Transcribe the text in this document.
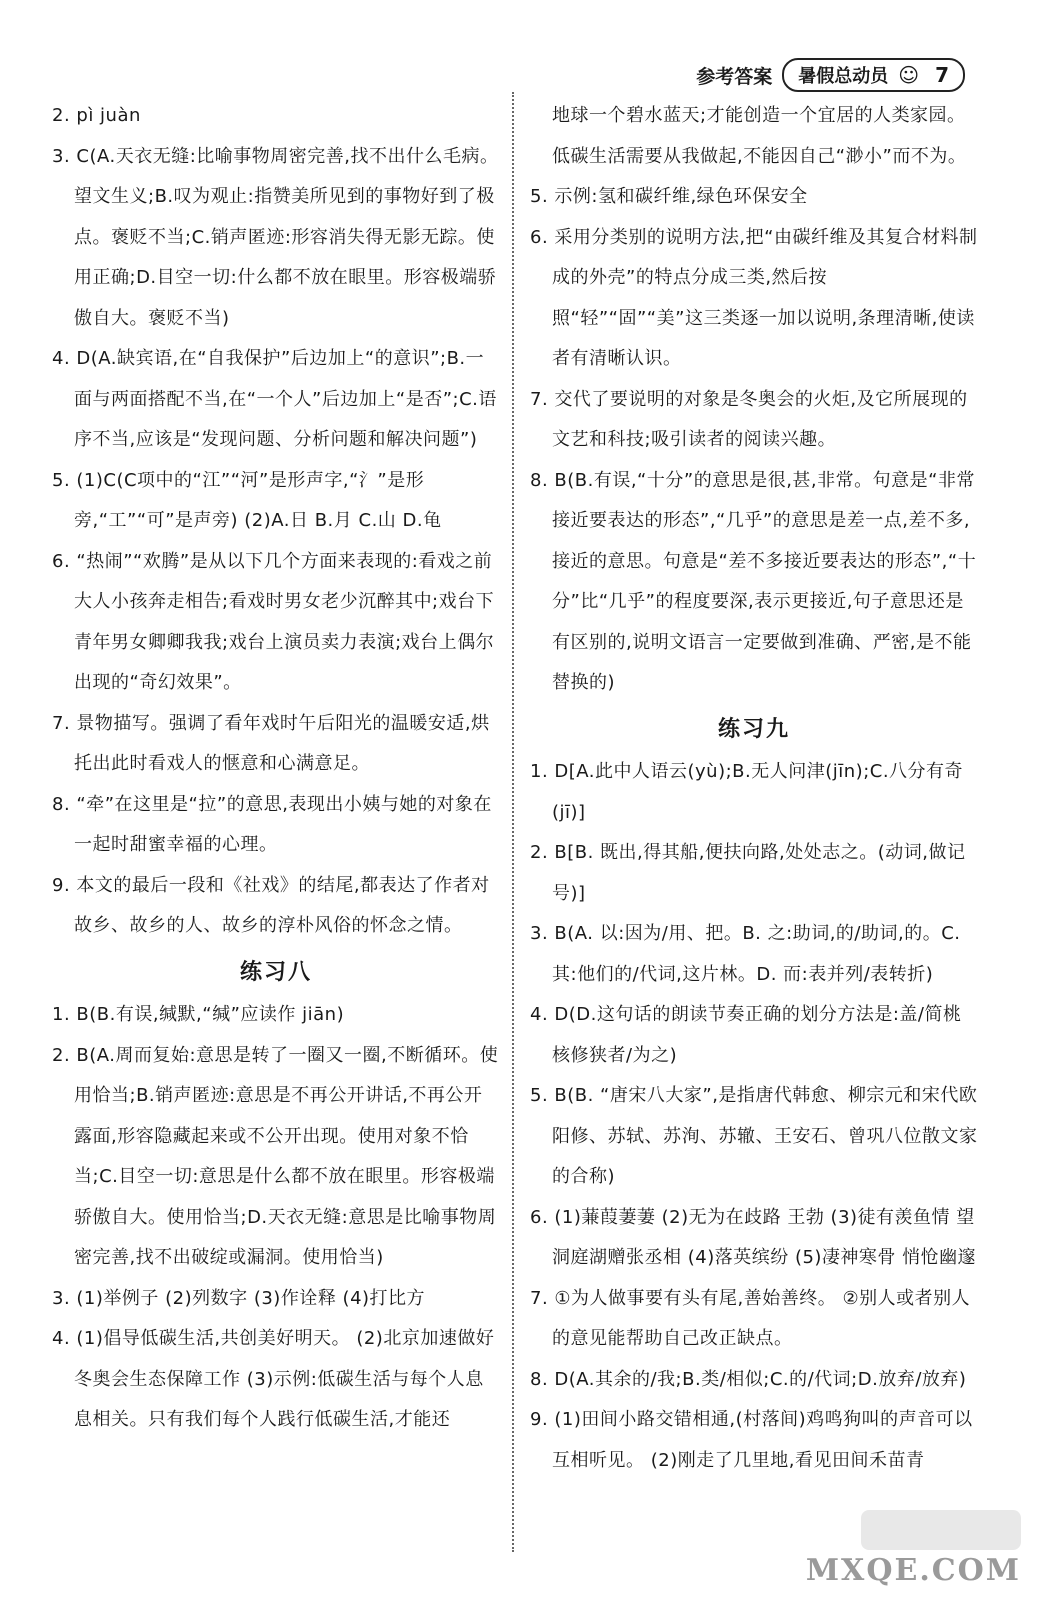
参考答案 暑假总动员 ☺ 7

2. pì juàn

3. C(A.天衣无缝:比喻事物周密完善,找不出什么毛病。望文生义;B.叹为观止:指赞美所见到的事物好到了极点。褒贬不当;C.销声匿迹:形容消失得无影无踪。使用正确;D.目空一切:什么都不放在眼里。形容极端骄傲自大。褒贬不当)

4. D(A.缺宾语,在“自我保护”后边加上“的意识”;B.一面与两面搭配不当,在“一个人”后边加上“是否”;C.语序不当,应该是“发现问题、分析问题和解决问题”)

5. (1)C(C项中的“江”“河”是形声字,“氵”是形旁,“工”“可”是声旁) (2)A.日 B.月 C.山 D.龟

6. “热闹”“欢腾”是从以下几个方面来表现的:看戏之前大人小孩奔走相告;看戏时男女老少沉醉其中;戏台下青年男女卿卿我我;戏台上演员卖力表演;戏台上偶尔出现的“奇幻效果”。

7. 景物描写。强调了看年戏时午后阳光的温暖安适,烘托出此时看戏人的惬意和心满意足。

8. “牵”在这里是“拉”的意思,表现出小姨与她的对象在一起时甜蜜幸福的心理。

9. 本文的最后一段和《社戏》的结尾,都表达了作者对故乡、故乡的人、故乡的淳朴风俗的怀念之情。

练习八

1. B(B.有误,缄默,“缄”应读作 jiān)

2. B(A.周而复始:意思是转了一圈又一圈,不断循环。使用恰当;B.销声匿迹:意思是不再公开讲话,不再公开露面,形容隐藏起来或不公开出现。使用对象不恰当;C.目空一切:意思是什么都不放在眼里。形容极端骄傲自大。使用恰当;D.天衣无缝:意思是比喻事物周密完善,找不出破绽或漏洞。使用恰当)

3. (1)举例子 (2)列数字 (3)作诠释 (4)打比方

4. (1)倡导低碳生活,共创美好明天。 (2)北京加速做好冬奥会生态保障工作 (3)示例:低碳生活与每个人息息相关。只有我们每个人践行低碳生活,才能还

地球一个碧水蓝天;才能创造一个宜居的人类家园。低碳生活需要从我做起,不能因自己“渺小”而不为。

5. 示例:氢和碳纤维,绿色环保安全

6. 采用分类别的说明方法,把“由碳纤维及其复合材料制成的外壳”的特点分成三类,然后按照“轻”“固”“美”这三类逐一加以说明,条理清晰,使读者有清晰认识。

7. 交代了要说明的对象是冬奥会的火炬,及它所展现的文艺和科技;吸引读者的阅读兴趣。

8. B(B.有误,“十分”的意思是很,甚,非常。句意是“非常接近要表达的形态”,“几乎”的意思是差一点,差不多,接近的意思。句意是“差不多接近要表达的形态”,“十分”比“几乎”的程度要深,表示更接近,句子意思还是有区别的,说明文语言一定要做到准确、严密,是不能替换的)

练习九

1. D[A.此中人语云(yù);B.无人问津(jīn);C.八分有奇(jī)]

2. B[B. 既出,得其船,便扶向路,处处志之。(动词,做记号)]

3. B(A. 以:因为/用、把。B. 之:助词,的/助词,的。C. 其:他们的/代词,这片林。D. 而:表并列/表转折)

4. D(D.这句话的朗读节奏正确的划分方法是:盖/简桃核修狭者/为之)

5. B(B. “唐宋八大家”,是指唐代韩愈、柳宗元和宋代欧阳修、苏轼、苏洵、苏辙、王安石、曾巩八位散文家的合称)

6. (1)蒹葭萋萋 (2)无为在歧路 王勃 (3)徒有羡鱼情 望洞庭湖赠张丞相 (4)落英缤纷 (5)凄神寒骨 悄怆幽邃

7. ①为人做事要有头有尾,善始善终。 ②别人或者别人的意见能帮助自己改正缺点。

8. D(A.其余的/我;B.类/相似;C.的/代词;D.放弃/放弃)

9. (1)田间小路交错相通,(村落间)鸡鸣狗叫的声音可以互相听见。 (2)刚走了几里地,看见田间禾苗青

MXQE.COM
